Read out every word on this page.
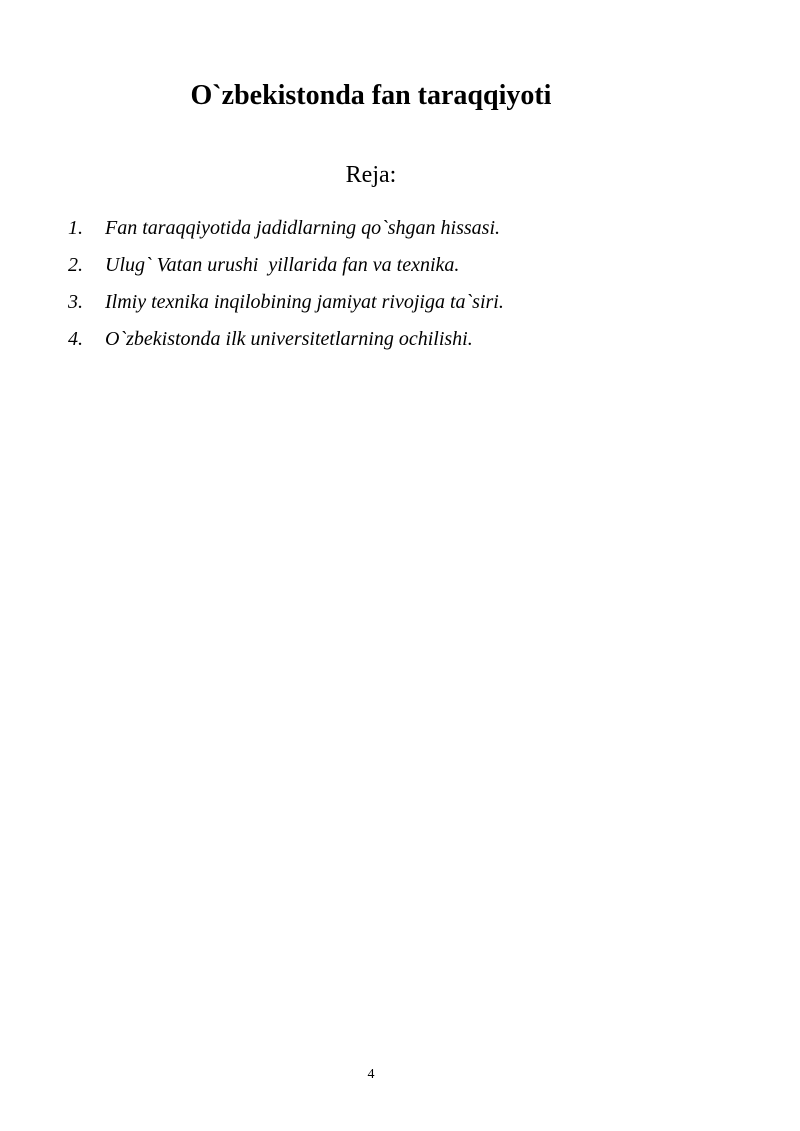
O`zbekistonda fan taraqqiyoti
Reja:
1.	Fan taraqqiyotida jadidlarning qo`shgan hissasi.
2.	Ulug` Vatan urushi  yillarida fan va texnika.
3.	Ilmiy texnika inqilobining jamiyat rivojiga ta`siri.
4.	O`zbekistonda ilk universitetlarning ochilishi.
4
